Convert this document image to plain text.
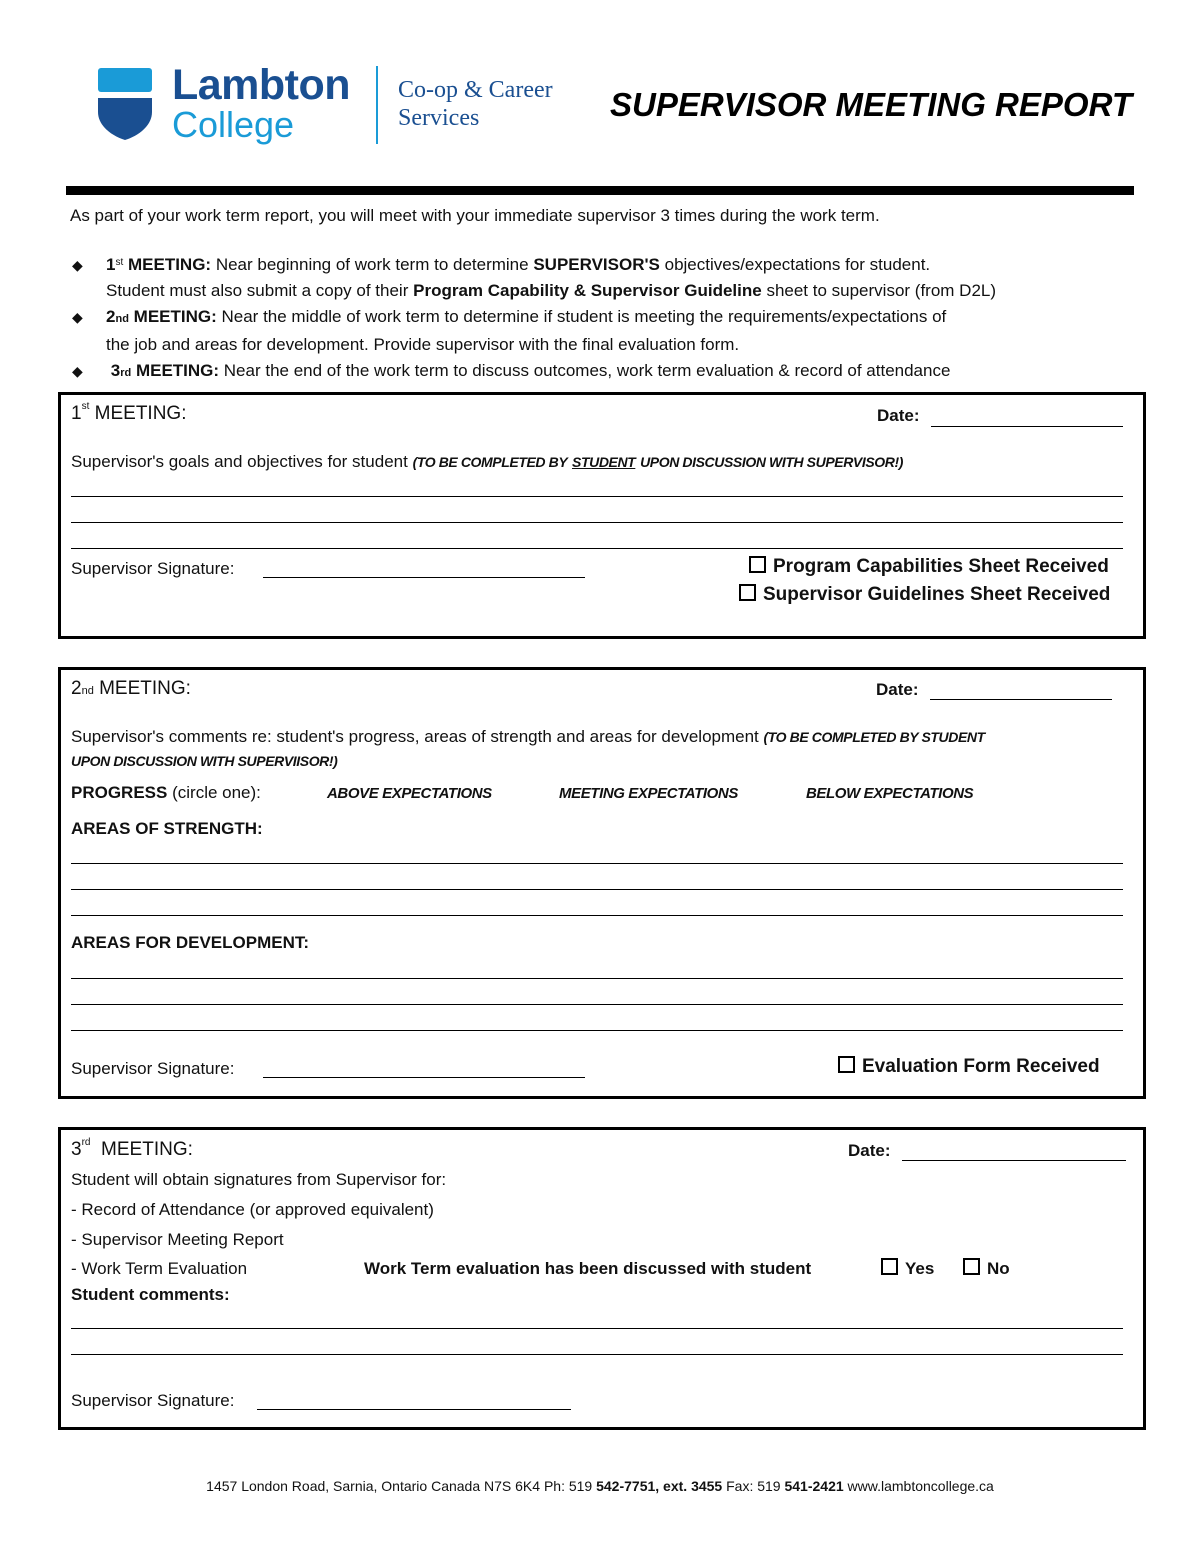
Lambton
College
Co-op & Career
Services	SUPERVISOR MEETING REPORT
As part of your work term report, you will meet with your immediate supervisor 3 times during the work term.
◆ 1st MEETING: Near beginning of work term to determine SUPERVISOR'S objectives/expectations for student.
Student must also submit a copy of their Program Capability & Supervisor Guideline sheet to supervisor (from D2L)
◆ 2nd MEETING: Near the middle of work term to determine if student is meeting the requirements/expectations of
the job and areas for development. Provide supervisor with the final evaluation form.
◆ 3rd MEETING: Near the end of the work term to discuss outcomes, work term evaluation & record of attendance
1st MEETING:	Date:
Supervisor's goals and objectives for student (TO BE COMPLETED BY STUDENT UPON DISCUSSION WITH SUPERVISOR!)
Supervisor Signature:	Program Capabilities Sheet Received
Supervisor Guidelines Sheet Received
2nd MEETING:	Date:
Supervisor's comments re: student's progress, areas of strength and areas for development (TO BE COMPLETED BY STUDENT
UPON DISCUSSION WITH SUPERVIISOR!)
PROGRESS (circle one):	ABOVE EXPECTATIONS	MEETING EXPECTATIONS	BELOW EXPECTATIONS
AREAS OF STRENGTH:
AREAS FOR DEVELOPMENT:
Supervisor Signature:	Evaluation Form Received
3rd MEETING:	Date:
Student will obtain signatures from Supervisor for:
- Record of Attendance (or approved equivalent)
- Supervisor Meeting Report
- Work Term Evaluation	Work Term evaluation has been discussed with student	Yes	No
Student comments:
Supervisor Signature:
1457 London Road, Sarnia, Ontario Canada N7S 6K4 Ph: 519 542-7751, ext. 3455 Fax: 519 541-2421 www.lambtoncollege.ca
